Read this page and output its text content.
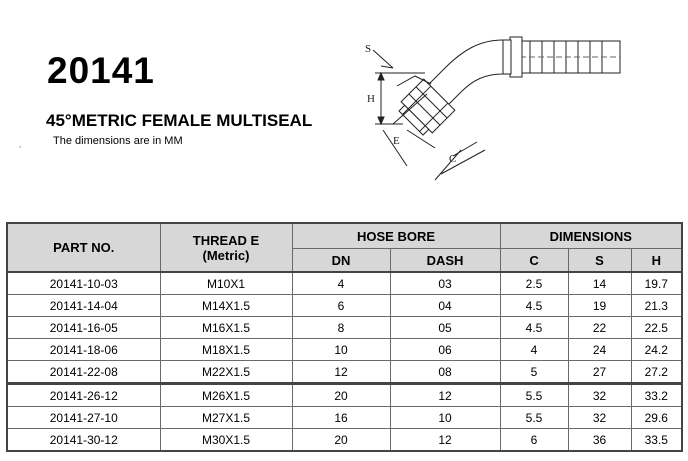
20141
45°METRIC FEMALE MULTISEAL
The dimensions are in MM
,
S
H
E
C
PART NO.	THREAD E
(Metric)	HOSE BORE		DIMENSIONS		
		DN	DASH	C	S	H
20141-10-03	M10X1	4	03	2.5	14	19.7
20141-14-04	M14X1.5	6	04	4.5	19	21.3
20141-16-05	M16X1.5	8	05	4.5	22	22.5
20141-18-06	M18X1.5	10	06	4	24	24.2
20141-22-08	M22X1.5	12	08	5	27	27.2
20141-26-12	M26X1.5	20	12	5.5	32	33.2
20141-27-10	M27X1.5	16	10	5.5	32	29.6
20141-30-12	M30X1.5	20	12	6	36	33.5
